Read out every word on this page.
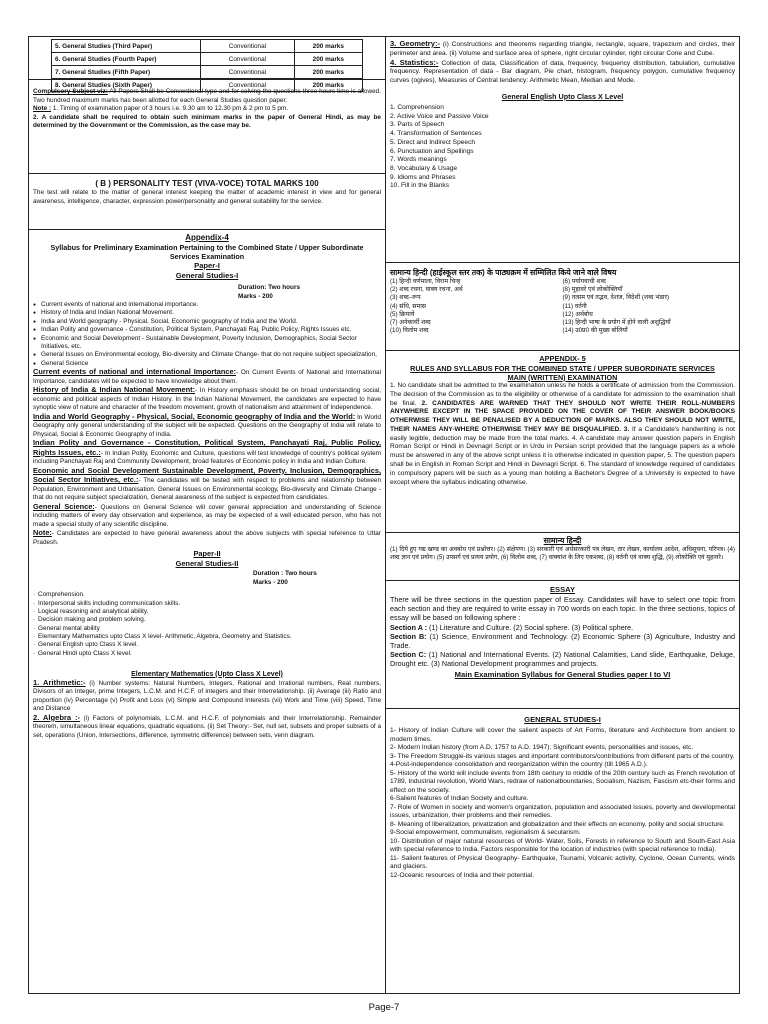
5. General Studies (Third Paper)	Conventional	200 marks
6. General Studies (Fourth Paper)	Conventional	200 marks
7. General Studies (Fifth Paper)	Conventional	200 marks
8. General Studies (Sixth Paper)	Conventional	200 marks

Compulsory Subject viz: All Papers Shall be Conventional type and for solving the questions three hours time is allowed. Two hundred maximum marks has been allotted for each General Studies question paper.

Note : 1. Timing of examination paper of 3 hours i.e. 9.30 am to 12.30 pm & 2 pm to 5 pm.

2. A candidate shall be required to obtain such minimum marks in the paper of General Hindi, as may be determined by the Government or the Commission, as the case may be.

( B ) PERSONALITY TEST (VIVA-VOCE) TOTAL MARKS 100

The test will relate to the matter of general interest keeping the matter of academic interest in view and for general awareness, intelligence, character, expression power/personality and general suitability for the service.

Appendix-4

Syllabus for Preliminary Examination Pertaining to the Combined State / Upper Subordinate Services Examination

Paper-I

General Studies-I

Duration: Two hours

Marks - 200

● Current events of national and international importance.
● History of India and Indian National Movement.
● India and World geography - Physical, Social, Economic geography of India and the World.
● Indian Polity and governance - Constitution, Political System, Panchayati Raj, Public Policy, Rights Issues etc.
● Economic and Social Development - Sustainable Development, Poverty Inclusion, Demographics, Social Sector Initiatives, etc.
● General Issues on Environmental ecology, Bio-diversity and Climate Change- that do not require subject specialization,
● General Science

Current events of national and international Importance:- On Current Events of National and International Importance, candidates will be expected to have knowledge about them.

History of India & Indian National Movement:- In History emphasis should be on broad understanding social, economic and political aspects of Indian History. In the Indian National Movement, the candidates are expected to have synoptic view of nature and character of the freedom movement, growth of nationalism and attainment of Independence.

India and World Geography - Physical, Social, Economic geography of India and the World: In World Geography only general understanding of the subject will be expected. Questions on the Geography of India will relate to Physical, Social & Economic Geography of India.

Indian Polity and Governance - Constitution, Political System, Panchayati Raj, Public Policy, Rights Issues, etc.:- In Indian Polity, Economic and Culture, questions will test knowledge of country's political system including Panchayati Raj and Community Development, broad features of Economic policy in India and Indian Culture.

Economic and Social Development Sustainable Development, Poverty, Inclusion, Demographics, Social Sector Initiatives, etc.:- The candidates will be tested with respect to problems and relationship between Population, Environment and Urbanisation. General Issues on Environmental ecology, Bio-diversity and Climate Change - that do not require subject specialization, General awareness of the subject is expected from candidates.

General Science:- Questions on General Science will cover general appreciation and understanding of Science including matters of every day observation and experience, as may be expected of a well educated person, who has not made a special study of any scientific discipline.

Note:- Candidates are expected to have general awareness about the above subjects with special reference to Uttar Pradesh.

Paper-II

General Studies-II

Duration : Two hours

Marks - 200

· Comprehension.
· Interpersonal skills including communication skills.
· Logical reasoning and analytical ability.
· Decision making and problem solving.
· General mental ability
· Elementary Mathematics upto Class X level- Arithmetic, Algebra, Geometry and Statistics.
· General English upto Class X level.
· General Hindi upto Class X level.

Elementary Mathematics (Upto Class X Level)

1. Arithmetic:- (i) Number systems: Natural Numbers, Integers, Rational and Irrational numbers, Real numbers, Divisors of an Integer, prime Integers, L.C.M. and H.C.F. of integers and their Interrelationship. (ii) Average (iii) Ratio and proportion (iv) Percentage (v) Profit and Loss (vi) Simple and Compound Interests (vii) Work and Time (viii) Speed, Time and Distance

2. Algebra :- (i) Factors of polynomials, L.C.M. and H.C.F. of polynomials and their Interrelationship. Remainder theorem, simultaneous linear equations, quadratic equations. (ii) Set Theory:- Set, null set, subsets and proper subsets of a set, operations (Union, Intersections, difference, symmetric difference) between sets, venn diagram.

3. Geometry:- (i) Constructions and theorems regarding triangle, rectangle, square, trapezium and circles, their perimeter and area. (ii) Volume and surface area of sphere, right circular cylinder, right circular Cone and Cube.

4. Statistics:- Collection of data, Classification of data, frequency, frequency distribution, tabulation, cumulative frequency. Representation of data - Bar diagram, Pie chart, histogram, frequency polygon, cumulative frequency curves (ogives), Measures of Central tendency: Arithmetic Mean, Median and Mode.

General English Upto Class X Level

1. Comprehension
2. Active Voice and Passive Voice
3. Parts of Speech
4. Transformation of Sentences
5. Direct and Indirect Speech
6. Punctuation and Spellings
7. Words meanings
8. Vocabulary & Usage
9. Idioms and Phrases
10. Fill in the Blanks

सामान्य हिन्दी (हाईस्कूल स्तर तक) के पाठ्यक्रम में सम्मिलित किये जाने वाले विषय

(1) हिन्दी वर्णमाला, विराम चिन्ह	(6) पर्यायवाची शब्द
(2) शब्द रचना, वाक्य रचना, अर्थ	(8) मुहावरे एवं लोकोक्तियाँ
(3) शब्द–रूप	(9) तत्सम एवं तद्भव, देशज, विदेशी (शब्द भंडार)
(4) संधि, समास	(11) वर्तनी
(5) क्रियायें	(12) अर्थबोध
(7) अनेकार्थी शब्द	(13) हिन्दी भाषा के प्रयोग में होने वाली अशुद्धियाँ
(10) विलोम शब्द	(14) उ0प्र0 की मुख्य बोलियाँ

APPENDIX- 5

RULES AND SYLLABUS FOR THE COMBINED STATE / UPPER SUBORDINATE SERVICES MAIN (WRITTEN) EXAMINATION

1. No candidate shall be admitted to the examination unless he holds a certificate of admission from the Commission. The decision of the Commission as to the eligibility or otherwise of a candidate for admission to the examination shall be final. 2. CANDIDATES ARE WARNED THAT THEY SHOULD NOT WRITE THEIR ROLL-NUMBERS ANYWHERE EXCEPT IN THE SPACE PROVIDED ON THE COVER OF THEIR ANSWER BOOK/BOOKS OTHERWISE THEY WILL BE PENALISED BY A DEDUCTION OF MARKS. ALSO THEY SHOULD NOT WRITE, THEIR NAMES ANY-WHERE OTHERWISE THEY MAY BE DISQUALIFIED. 3. If a Candidate's handwriting is not easily legible, deduction may be made from the total marks. 4. A candidate may answer question papers in English Roman Script or Hindi in Devnagri Script or in Urdu in Persian script provided that the language papers as a whole must be answered in any of the above script unless it is otherwise indicated in question paper, 5. The question papers shall be in English in Roman Script and Hindi in Devnagri Script. 6. The standard of knowledge required of candidates in compulsory papers will be such as a young man holding a Bachelor's Degree of a University is expected to have except where the syllabus indicating otherwise.

सामान्य हिन्दी

(1) दिये हुए गद्य खण्ड का अवबोध एवं प्रश्नोत्तर। (2) संक्षेपण। (3) सरकारी एवं अर्धसरकारी पत्र लेखन, तार लेखन, कार्यालय आदेश, अधिसूचना, परिपत्र। (4) शब्द ज्ञान एवं प्रयोग। (5) उपसर्ग एवं प्रत्यय प्रयोग, (6) विलोम शब्द, (7) वाक्यांश के लिए एकशब्द, (8) वर्तनी एवं वाक्य शुद्धि, (9) लोकोक्ति एवं मुहावरे।

ESSAY

There will be three sections in the question paper of Essay. Candidates will have to select one topic from each section and they are required to write essay in 700 words on each topic. In the three sections, topics of essay will be based on following sphere :

Section A : (1) Literature and Culture. (2) Social sphere. (3) Political sphere.

Section B: (1) Science, Environment and Technology. (2) Economic Sphere (3) Agriculture, Industry and Trade.

Section C: (1) National and International Events. (2) National Calamities, Land slide, Earthquake, Deluge, Drought etc. (3) National Development programmes and projects.

Main Examination Syllabus for General Studies paper I to VI

GENERAL STUDIES-I

1- History of Indian Culture will cover the salient aspects of Art Forms, literature and Architecture from ancient to modern times.

2- Modern Indian history (from A.D. 1757 to A.D. 1947): Significant events, personalities and issues, etc.

3- The Freedom Struggle-its various stages and important contributors/contributions from different parts of the country.

4-Post-independence consolidation and reorganization within the country (till 1965 A.D.).

5- History of the world will include events from 18th century to middle of the 20th century such as French revolution of 1789, Industrial revolution, World Wars, redraw of nationalboundaries, Socialism, Nazism, Fascism etc-their forms and effect on the society.

6-Salient features of Indian Society and culture.

7- Role of Women in society and women's organization, population and associated issues, poverty and developmental issues, urbanization, their problems and their remedies.

8- Meaning of liberalization, privatization and globalization and their effects on economy, polity and social structure.

9-Social empowerment, communalism, regionalism & secularism.

10- Distribution of major natural resources of World- Water, Soils, Forests in reference to South and South-East Asia with special reference to India. Factors responsible for the location of industries (with special reference to India).

11- Salient features of Physical Geography- Earthquake, Tsunami, Volcanic activity, Cyclone, Ocean Currents, winds and glaciers.

12-Oceanic resources of India and their potential.

Page-7
